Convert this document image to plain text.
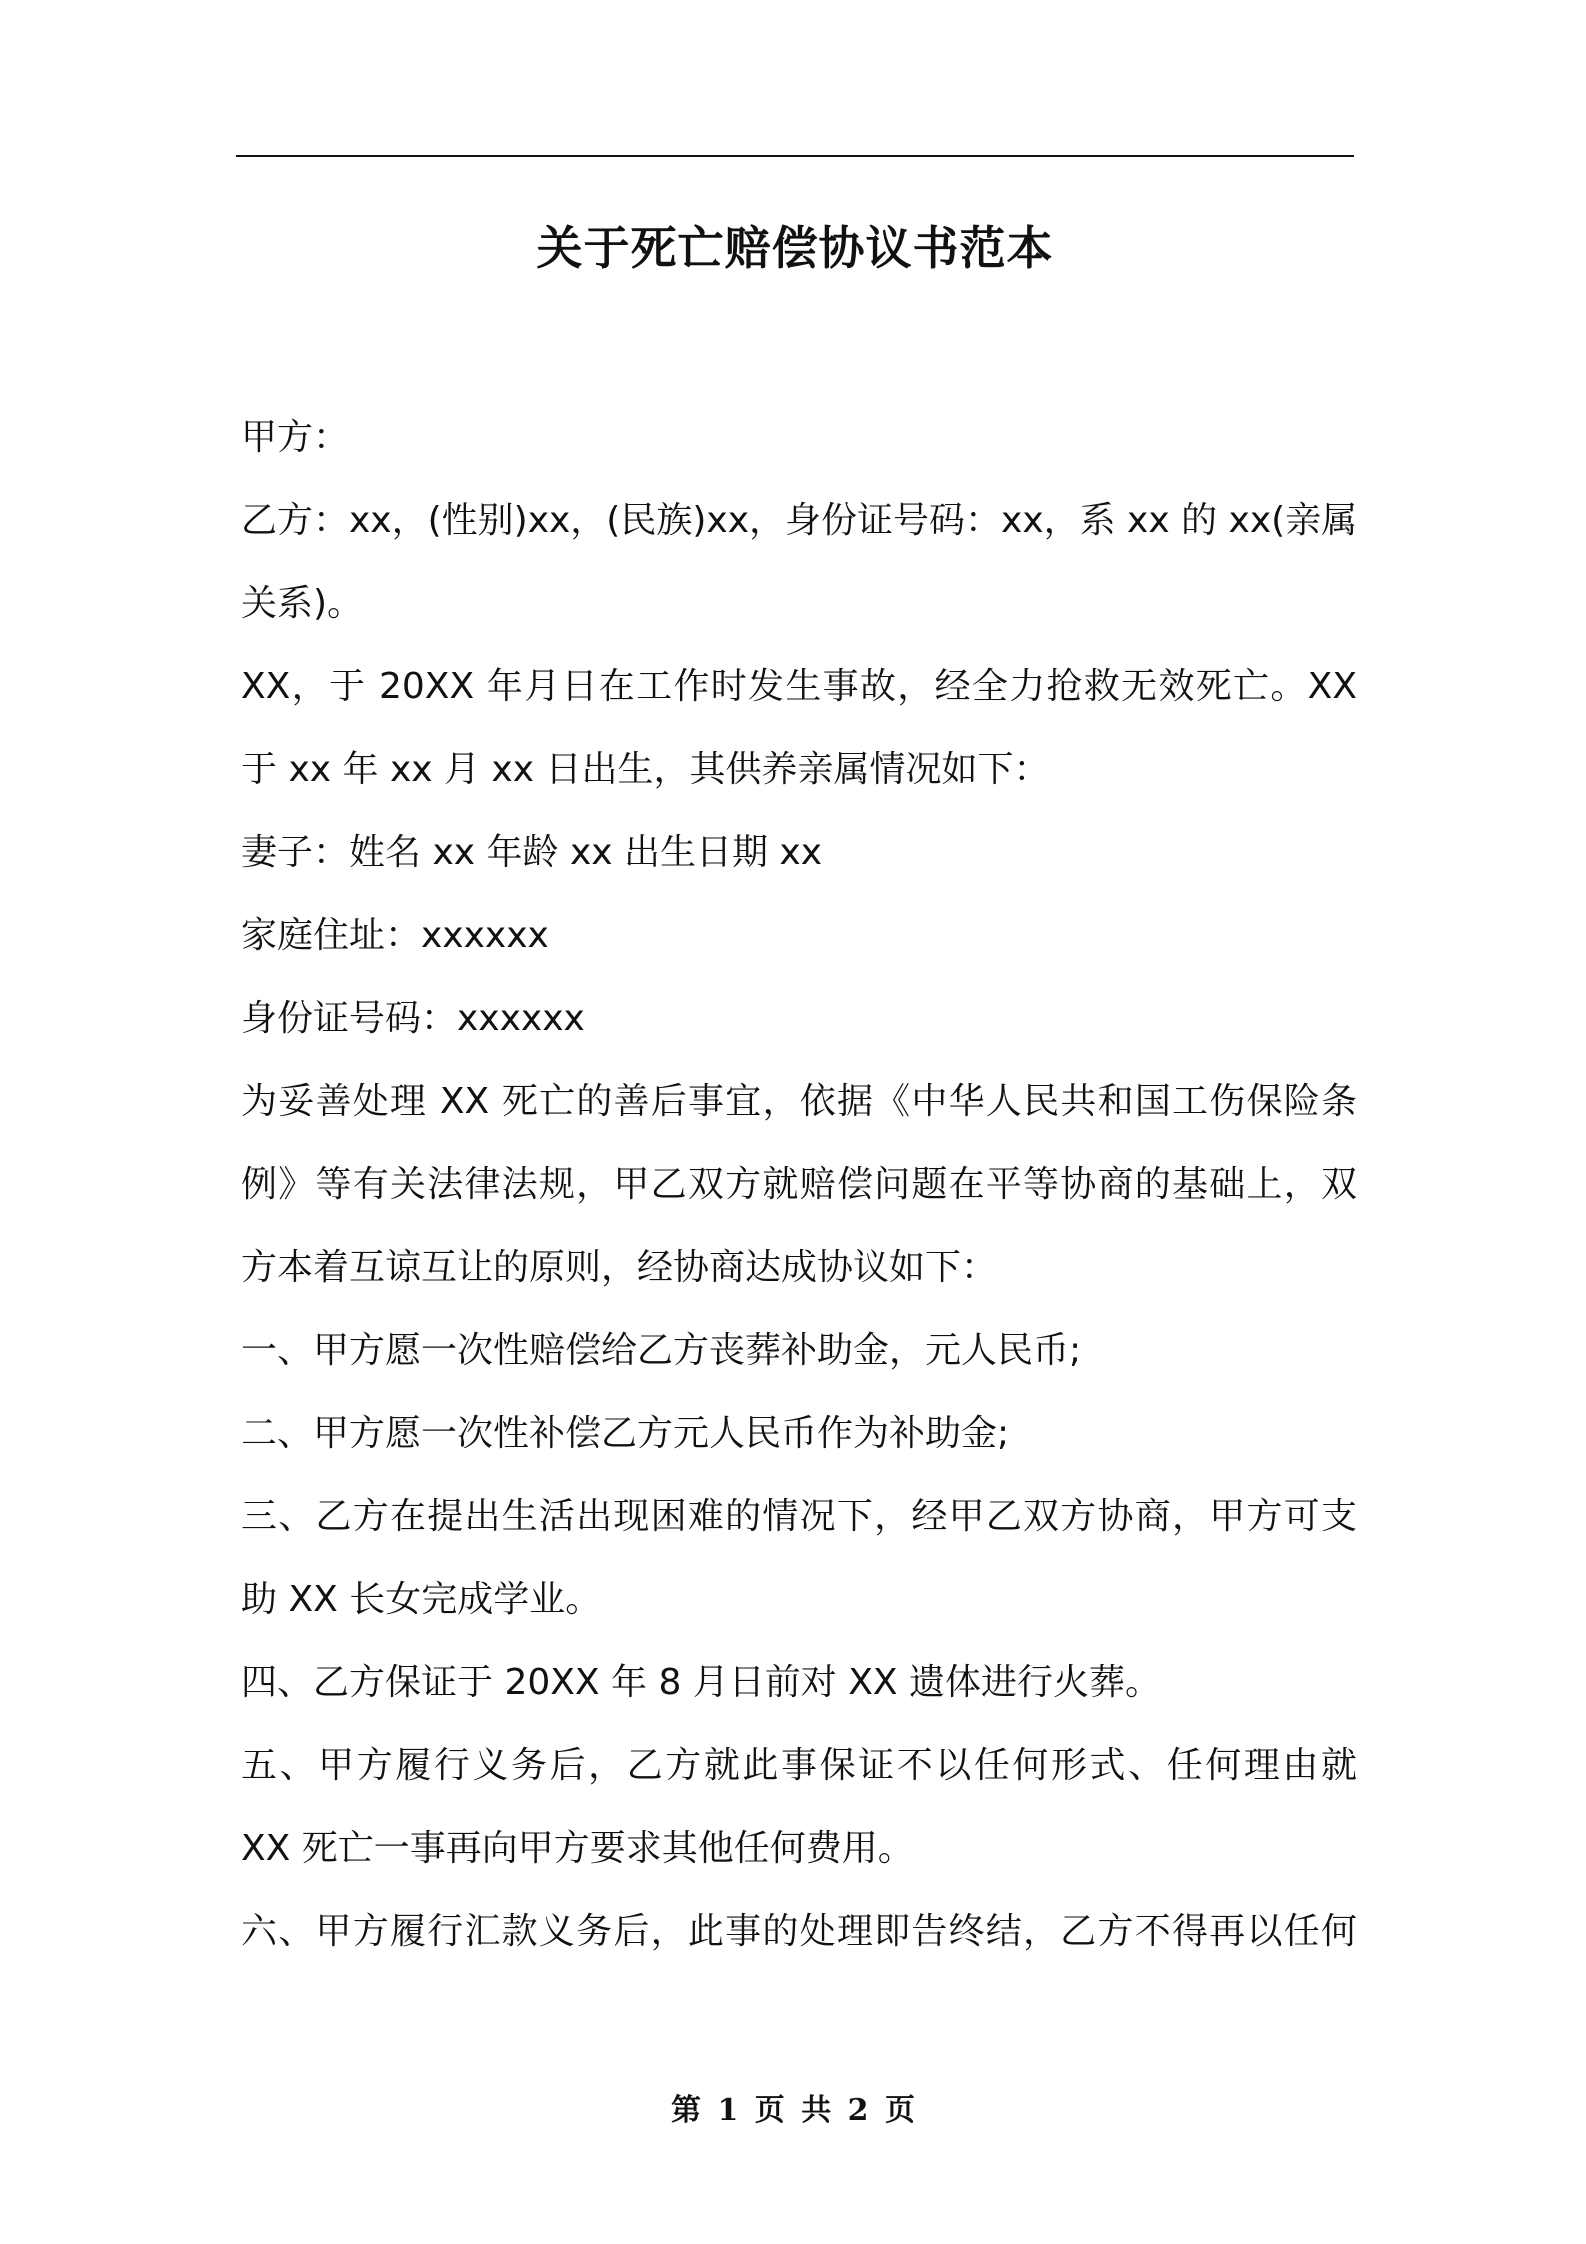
关于死亡赔偿协议书范本
甲方：
乙方：xx，(性别)xx，(民族)xx，身份证号码：xx，系 xx 的 xx(亲属
关系)。
XX，于 20XX 年月日在工作时发生事故，经全力抢救无效死亡。XX
于 xx 年 xx 月 xx 日出生，其供养亲属情况如下：
妻子：姓名 xx 年龄 xx 出生日期 xx
家庭住址：xxxxxx
身份证号码：xxxxxx
为妥善处理 XX 死亡的善后事宜，依据《中华人民共和国工伤保险条
例》等有关法律法规，甲乙双方就赔偿问题在平等协商的基础上，双
方本着互谅互让的原则，经协商达成协议如下：
一、甲方愿一次性赔偿给乙方丧葬补助金，元人民币;
二、甲方愿一次性补偿乙方元人民币作为补助金;
三、乙方在提出生活出现困难的情况下，经甲乙双方协商，甲方可支
助 XX 长女完成学业。
四、乙方保证于 20XX 年 8 月日前对 XX 遗体进行火葬。
五、甲方履行义务后，乙方就此事保证不以任何形式、任何理由就
XX 死亡一事再向甲方要求其他任何费用。
六、甲方履行汇款义务后，此事的处理即告终结，乙方不得再以任何
第 1 页 共 2 页
